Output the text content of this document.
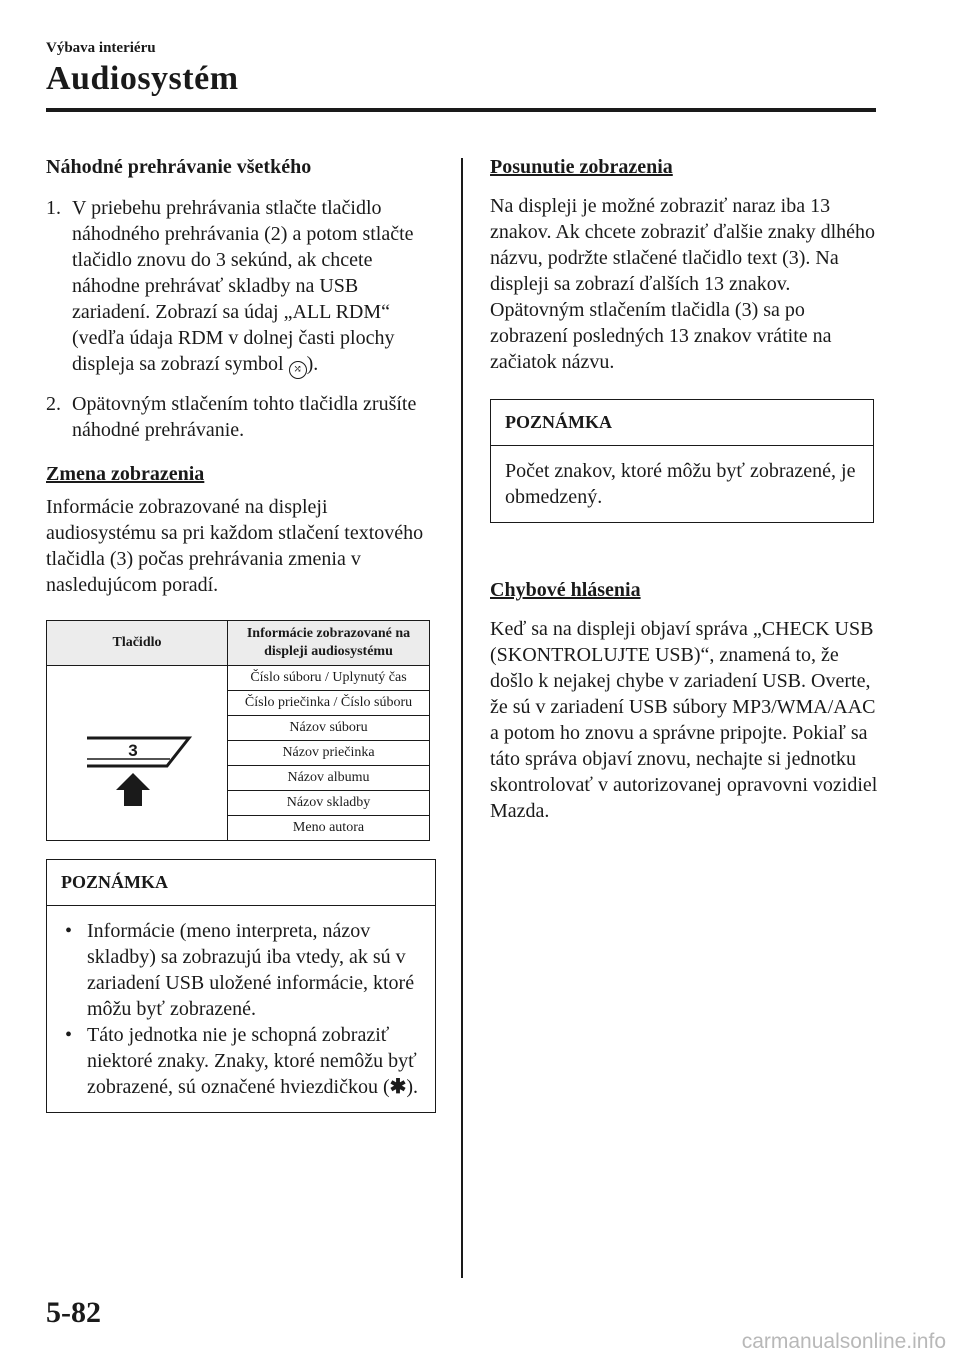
Výbava interiéru
Audiosystém
Náhodné prehrávanie všetkého
1. V priebehu prehrávania stlačte tlačidlo náhodného prehrávania (2) a potom stlačte tlačidlo znovu do 3 sekúnd, ak chcete náhodne prehrávať skladby na USB zariadení. Zobrazí sa údaj „ALL RDM“ (vedľa údaja RDM v dolnej časti plochy displeja sa zobrazí symbol ⤮ ).
2. Opätovným stlačením tohto tlačidla zrušíte náhodné prehrávanie.
Zmena zobrazenia

Informácie zobrazované na displeji audiosystému sa pri každom stlačení textového tlačidla (3) počas prehrávania zmenia v nasledujúcom poradí.

Tlačidlo	Informácie zobrazované na displeji audiosystému

3	Číslo súboru / Uplynutý čas
	Číslo priečinka / Číslo súboru
	Názov súboru
	Názov priečinka
	Názov albumu
	Názov skladby
	Meno autora
POZNÁMKA
• Informácie (meno interpreta, názov skladby) sa zobrazujú iba vtedy, ak sú v zariadení USB uložené informácie, ktoré môžu byť zobrazené.
• Táto jednotka nie je schopná zobraziť niektoré znaky. Znaky, ktoré nemôžu byť zobrazené, sú označené hviezdičkou (✱).
Posunutie zobrazenia

Na displeji je možné zobraziť naraz iba 13 znakov. Ak chcete zobraziť ďalšie znaky dlhého názvu, podržte stlačené tlačidlo text (3). Na displeji sa zobrazí ďalších 13 znakov. Opätovným stlačením tlačidla (3) sa po zobrazení posledných 13 znakov vrátite na začiatok názvu.

POZNÁMKA
Počet znakov, ktoré môžu byť zobrazené, je obmedzený.
Chybové hlásenia

Keď sa na displeji objaví správa „CHECK USB (SKONTROLUJTE USB)“, znamená to, že došlo k nejakej chybe v zariadení USB. Overte, že sú v zariadení USB súbory MP3/WMA/AAC a potom ho znovu a správne pripojte. Pokiaľ sa táto správa objaví znovu, nechajte si jednotku skontrolovať v autorizovanej opravovni vozidiel Mazda.

5-82
carmanualsonline.info
